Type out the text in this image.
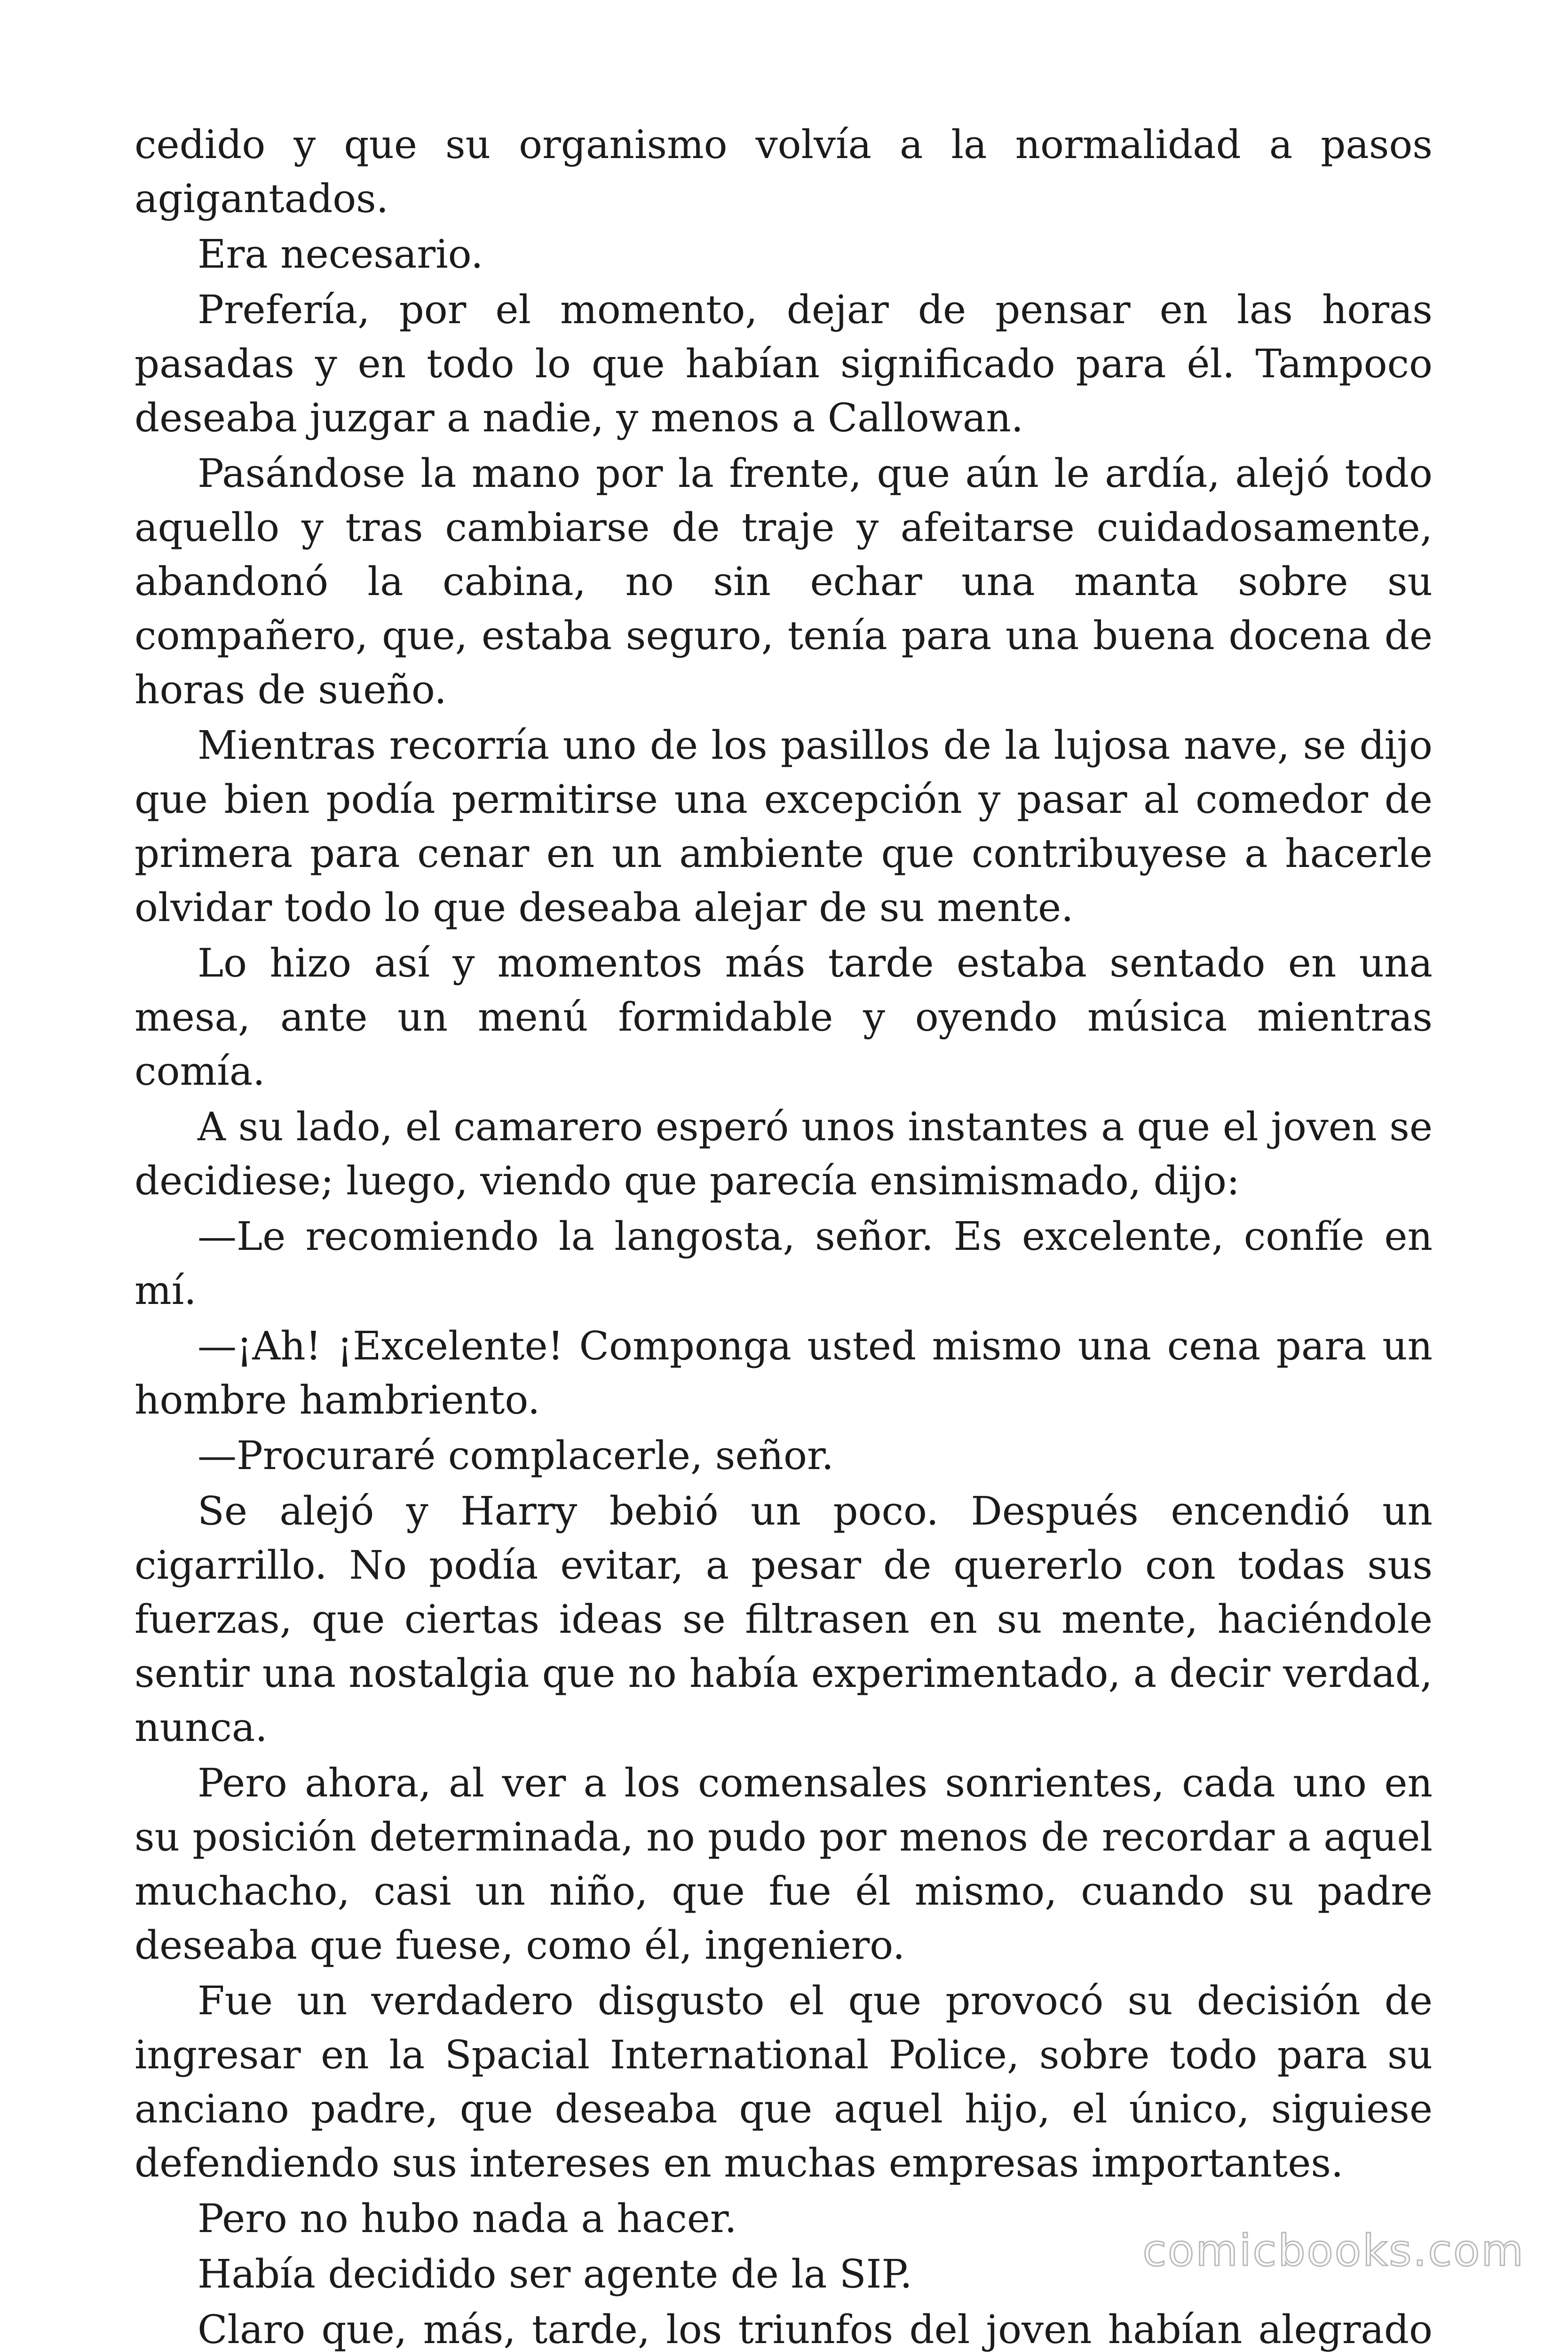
cedido y que su organismo volvía a la normalidad a pasos agigantados.

Era necesario.

Prefería, por el momento, dejar de pensar en las horas pasadas y en todo lo que habían significado para él. Tampoco deseaba juzgar a nadie, y menos a Callowan.

Pasándose la mano por la frente, que aún le ardía, alejó todo aquello y tras cambiarse de traje y afeitarse cuidadosamente, abandonó la cabina, no sin echar una manta sobre su compañero, que, estaba seguro, tenía para una buena docena de horas de sueño.

Mientras recorría uno de los pasillos de la lujosa nave, se dijo que bien podía permitirse una excepción y pasar al comedor de primera para cenar en un ambiente que contribuyese a hacerle olvidar todo lo que deseaba alejar de su mente.

Lo hizo así y momentos más tarde estaba sentado en una mesa, ante un menú formidable y oyendo música mientras comía.

A su lado, el camarero esperó unos instantes a que el joven se decidiese; luego, viendo que parecía ensimismado, dijo:

—Le recomiendo la langosta, señor. Es excelente, confíe en mí.

—¡Ah! ¡Excelente! Componga usted mismo una cena para un hombre hambriento.

—Procuraré complacerle, señor.

Se alejó y Harry bebió un poco. Después encendió un cigarrillo. No podía evitar, a pesar de quererlo con todas sus fuerzas, que ciertas ideas se filtrasen en su mente, haciéndole sentir una nostalgia que no había experimentado, a decir verdad, nunca.

Pero ahora, al ver a los comensales sonrientes, cada uno en su posición determinada, no pudo por menos de recordar a aquel muchacho, casi un niño, que fue él mismo, cuando su padre deseaba que fuese, como él, ingeniero.

Fue un verdadero disgusto el que provocó su decisión de ingresar en la Spacial International Police, sobre todo para su anciano padre, que deseaba que aquel hijo, el único, siguiese defendiendo sus intereses en muchas empresas importantes.

Pero no hubo nada a hacer.

Había decidido ser agente de la SIP.

Claro que, más, tarde, los triunfos del joven habían alegrado

comicbooks.com
